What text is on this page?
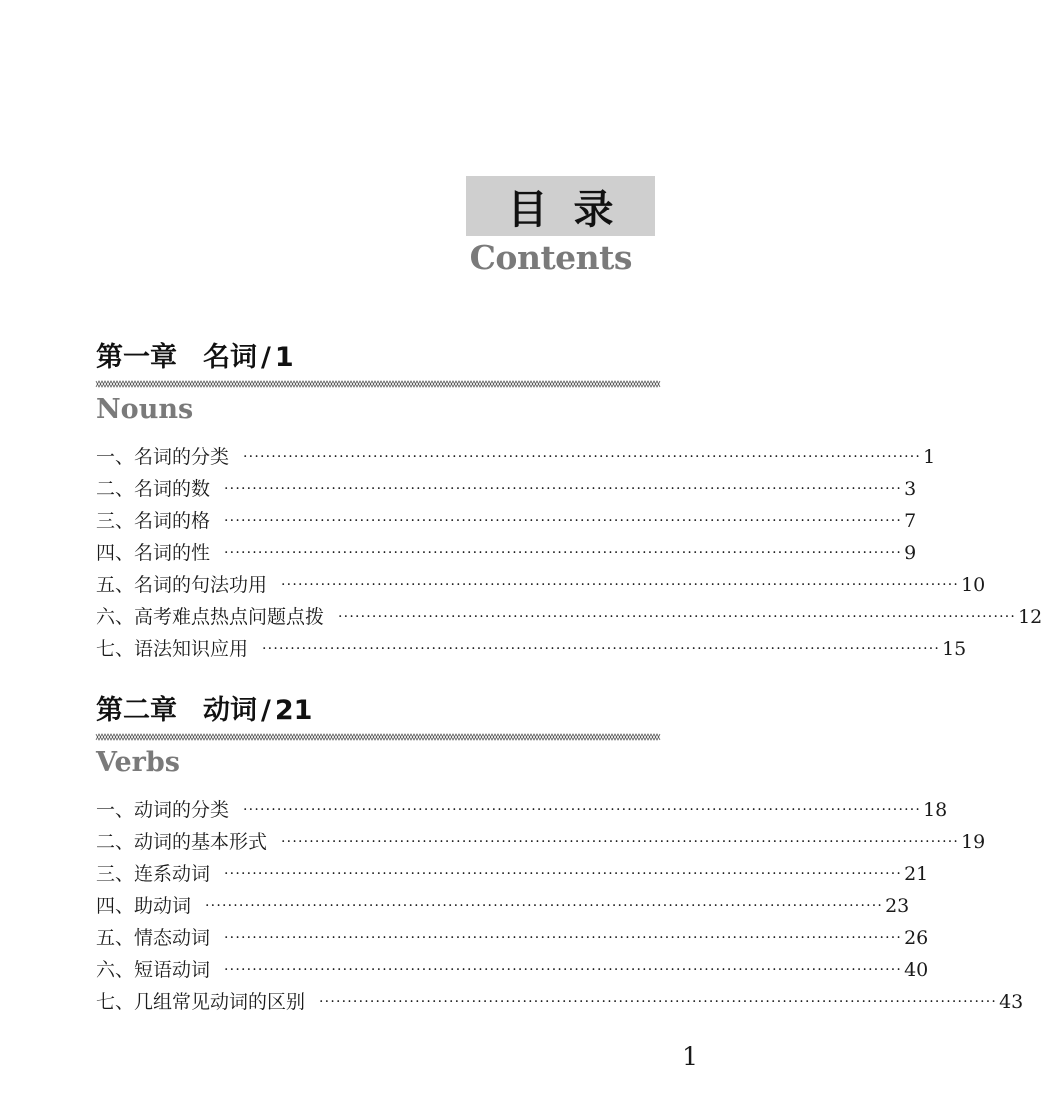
目录
Contents
第一章 名词 / 1
Nouns
一、 名词的分类 ························································································································ 1
二、 名词的数 ························································································································ 3
三、 名词的格 ························································································································ 7
四、 名词的性 ························································································································ 9
五、 名词的句法功用 ························································································································ 10
六、 高考难点热点问题点拨 ························································································································ 12
七、 语法知识应用 ························································································································ 15
第二章 动词 / 21
Verbs
一、 动词的分类 ························································································································ 18
二、 动词的基本形式 ························································································································ 19
三、 连系动词 ························································································································ 21
四、 助动词 ························································································································ 23
五、 情态动词 ························································································································ 26
六、 短语动词 ························································································································ 40
七、 几组常见动词的区别 ························································································································ 43
1
